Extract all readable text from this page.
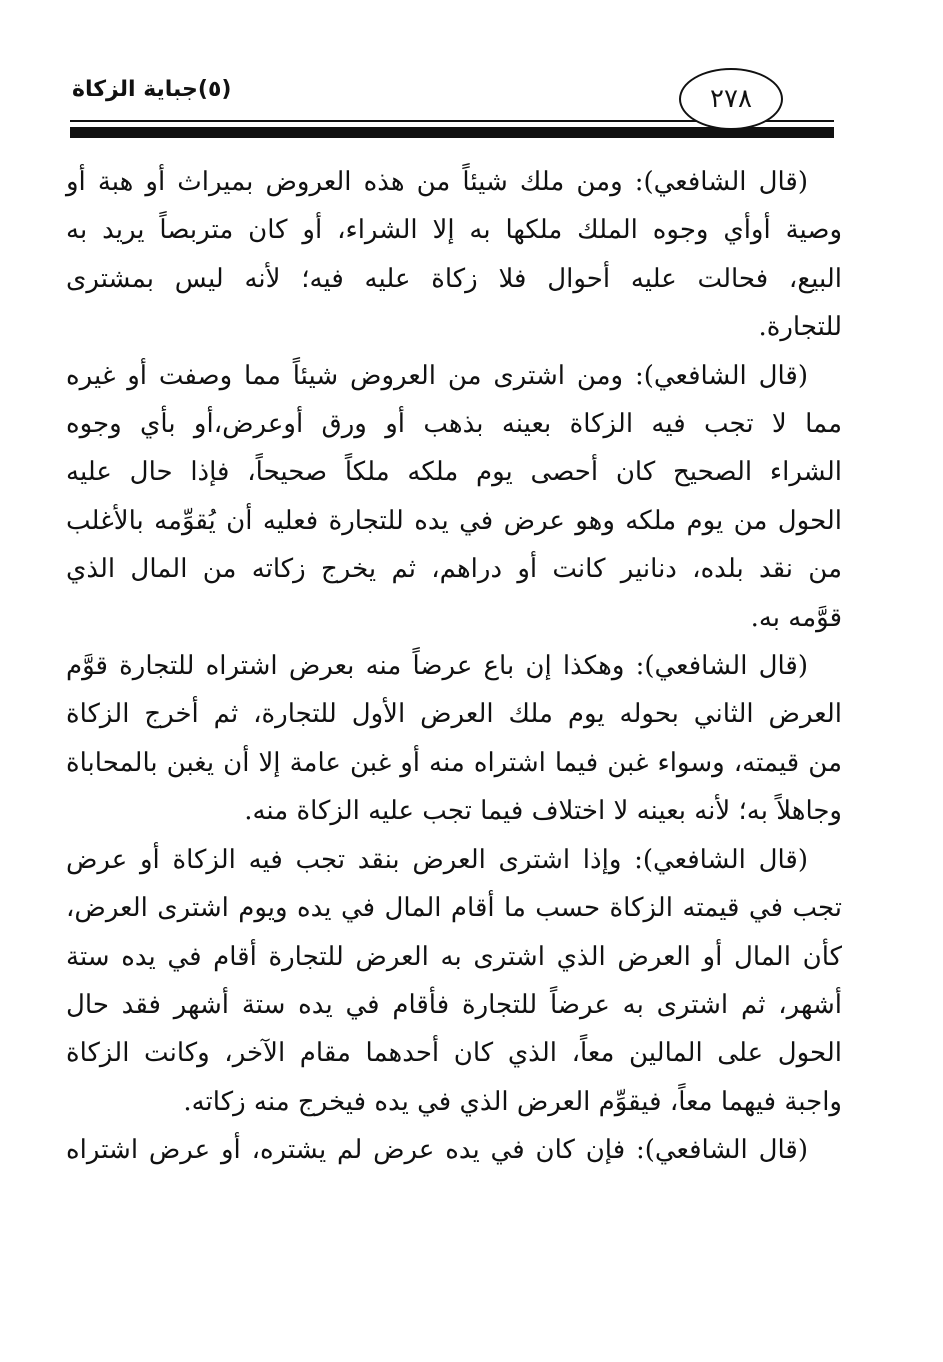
(٥)جباية الزكاة	٢٧٨
(قال الشافعي): ومن ملك شيئاً من هذه العروض بميراث أو هبة أو
وصية أوأي وجوه الملك ملكها به إلا الشراء، أو كان متربصاً يريد به
البيع، فحالت عليه أحوال فلا زكاة عليه فيه؛ لأنه ليس بمشترى
للتجارة.
(قال الشافعي): ومن اشترى من العروض شيئاً مما وصفت أو غيره
مما لا تجب فيه الزكاة بعينه بذهب أو ورق أوعرض،أو بأي وجوه
الشراء الصحيح كان أحصى يوم ملكه ملكاً صحيحاً، فإذا حال عليه
الحول من يوم ملكه وهو عرض في يده للتجارة فعليه أن يُقوِّمه بالأغلب
من نقد بلده، دنانير كانت أو دراهم، ثم يخرج زكاته من المال الذي
قوَّمه به.
(قال الشافعي): وهكذا إن باع عرضاً منه بعرض اشتراه للتجارة قوَّم
العرض الثاني بحوله يوم ملك العرض الأول للتجارة، ثم أخرج الزكاة
من قيمته، وسواء غبن فيما اشتراه منه أو غبن عامة إلا أن يغبن بالمحاباة
وجاهلاً به؛ لأنه بعينه لا اختلاف فيما تجب عليه الزكاة منه.
(قال الشافعي): وإذا اشترى العرض بنقد تجب فيه الزكاة أو عرض
تجب في قيمته الزكاة حسب ما أقام المال في يده ويوم اشترى العرض،
كأن المال أو العرض الذي اشترى به العرض للتجارة أقام في يده ستة
أشهر، ثم اشترى به عرضاً للتجارة فأقام في يده ستة أشهر فقد حال
الحول على المالين معاً، الذي كان أحدهما مقام الآخر، وكانت الزكاة
واجبة فيهما معاً، فيقوِّم العرض الذي في يده فيخرج منه زكاته.
(قال الشافعي): فإن كان في يده عرض لم يشتره، أو عرض اشتراه
